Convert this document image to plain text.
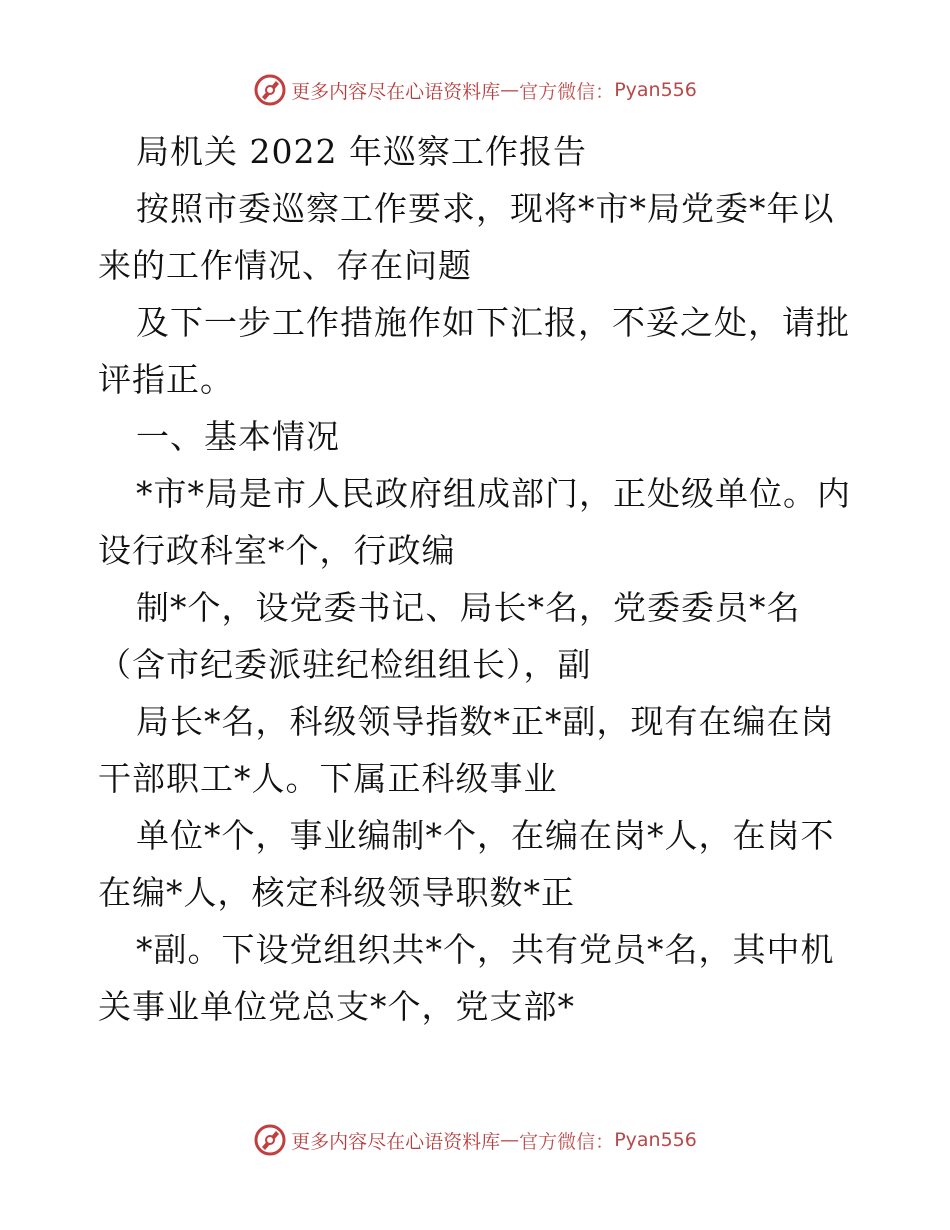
更多内容尽在心语资料库 — 官方微信： Pyan556
局机关 2022 年巡察工作报告
按照市委巡察工作要求，现将*市*局党委*年以
来的工作情况、存在问题
及下一步工作措施作如下汇报，不妥之处，请批
评指正。
一、基本情况
*市*局是市人民政府组成部门，正处级单位。内
设行政科室*个，行政编
制*个，设党委书记、局长*名，党委委员*名
（含市纪委派驻纪检组组长），副
局长*名，科级领导指数*正*副，现有在编在岗
干部职工*人。下属正科级事业
单位*个，事业编制*个，在编在岗*人，在岗不
在编*人，核定科级领导职数*正
*副。下设党组织共*个，共有党员*名，其中机
关事业单位党总支*个，党支部*
更多内容尽在心语资料库 — 官方微信： Pyan556
